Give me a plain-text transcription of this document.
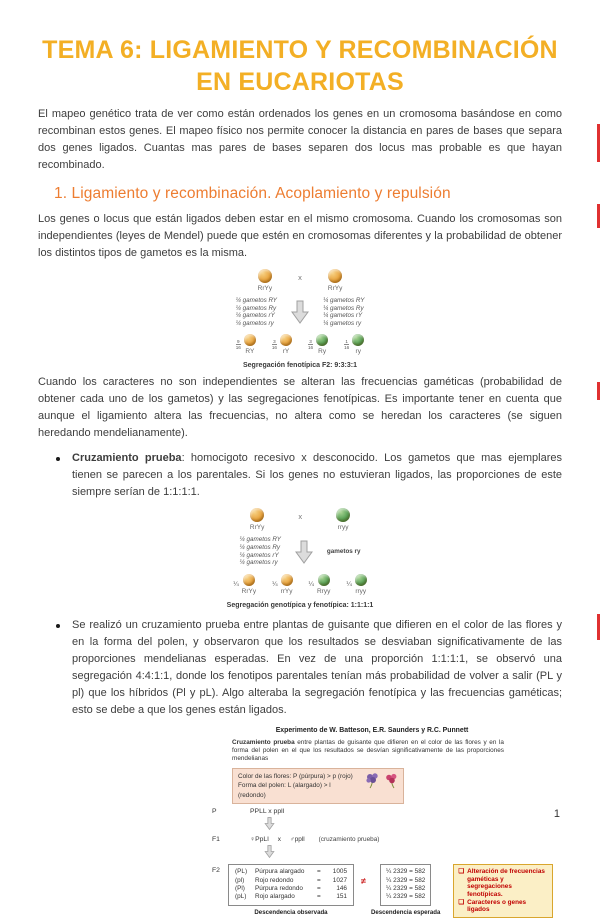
TEMA 6: LIGAMIENTO Y RECOMBINACIÓN
EN EUCARIOTAS

El mapeo genético trata de ver como están ordenados los genes en un cromosoma basándose en como recombinan estos genes. El mapeo físico nos permite conocer la distancia en pares de bases que separa dos genes ligados. Cuantas mas pares de bases separen dos locus mas probable es que hayan recombinado.

1. Ligamiento y recombinación. Acoplamiento y repulsión

Los genes o locus que están ligados deben estar en el mismo cromosoma. Cuando los cromosomas son independientes (leyes de Mendel) puede que estén en cromosomas diferentes y la probabilidad de obtener los distintos tipos de gametos es la misma.

RrYy
x
RrYy
¼ gametos RY
¼ gametos Ry
¼ gametos rY
¼ gametos ry
¼ gametos RY
¼ gametos Ry
¼ gametos rY
¼ gametos ry
$\frac{9}{16}$
RY
$\frac{3}{16}$
rY
$\frac{3}{16}$
Ry
$\frac{1}{16}$
ry
Segregación fenotípica F2: 9:3:3:1

Cuando los caracteres no son independientes se alteran las frecuencias gaméticas (probabilidad de obtener cada uno de los gametos) y las segregaciones fenotípicas. Es importante tener en cuenta que aunque el ligamiento altera las frecuencias, no altera como se heredan los caracteres (se siguen heredando mendelianamente).

Cruzamiento prueba: homocigoto recesivo x desconocido. Los gametos que mas ejemplares tienen se parecen a los parentales. Si los genes no estuvieran ligados, las proporciones de este siempre serían de 1:1:1:1.
RrYy
x
rryy
¼ gametos RY
¼ gametos Ry
¼ gametos rY
¼ gametos ry
gametos ry
¼
RrYy
¼
rrYy
¼
Rryy
¼
rryy
Segregación genotípica y fenotípica: 1:1:1:1
Se realizó un cruzamiento prueba entre plantas de guisante que difieren en el color de las flores y en la forma del polen, y observaron que los resultados se desviaban significativamente de las proporciones mendelianas esperadas. En vez de una proporción 1:1:1:1, se observó una segregación 4:4:1:1, donde los fenotipos parentales tenían más probabilidad de volver a salir (PL y pl) que los híbridos (Pl y pL). Algo alteraba la segregación fenotípica y las frecuencias gaméticas; esto se debe a que los genes están ligados.
Experimento de W. Batteson, E.R. Saunders y R.C. Punnett
Cruzamiento prueba entre plantas de guisante que difieren en el color de las flores y en la forma del polen en el que los resultados se desvían significativamente de las proporciones mendelianas
Color de las flores: P (púrpura) > p (rojo)
Forma del polen: L (alargado) > l (redondo)
P	PPLL x ppll
F1	♀PpLl x ♂ppll (cruzamiento prueba)
F2	(PL)	Púrpura alargado	=	1005
(pl)	Rojo redondo	=	1027
(Pl)	Púrpura redondo	=	146
(pL)	Rojo alargado	=	151
Descendencia observada
≠
¼ 2329 = 582
¼ 2329 = 582
¼ 2329 = 582
¼ 2329 = 582
Descendencia esperada
❑ Alteración de frecuencias gaméticas y segregaciones fenotípicas.
❑ Caracteres o genes ligados
1
